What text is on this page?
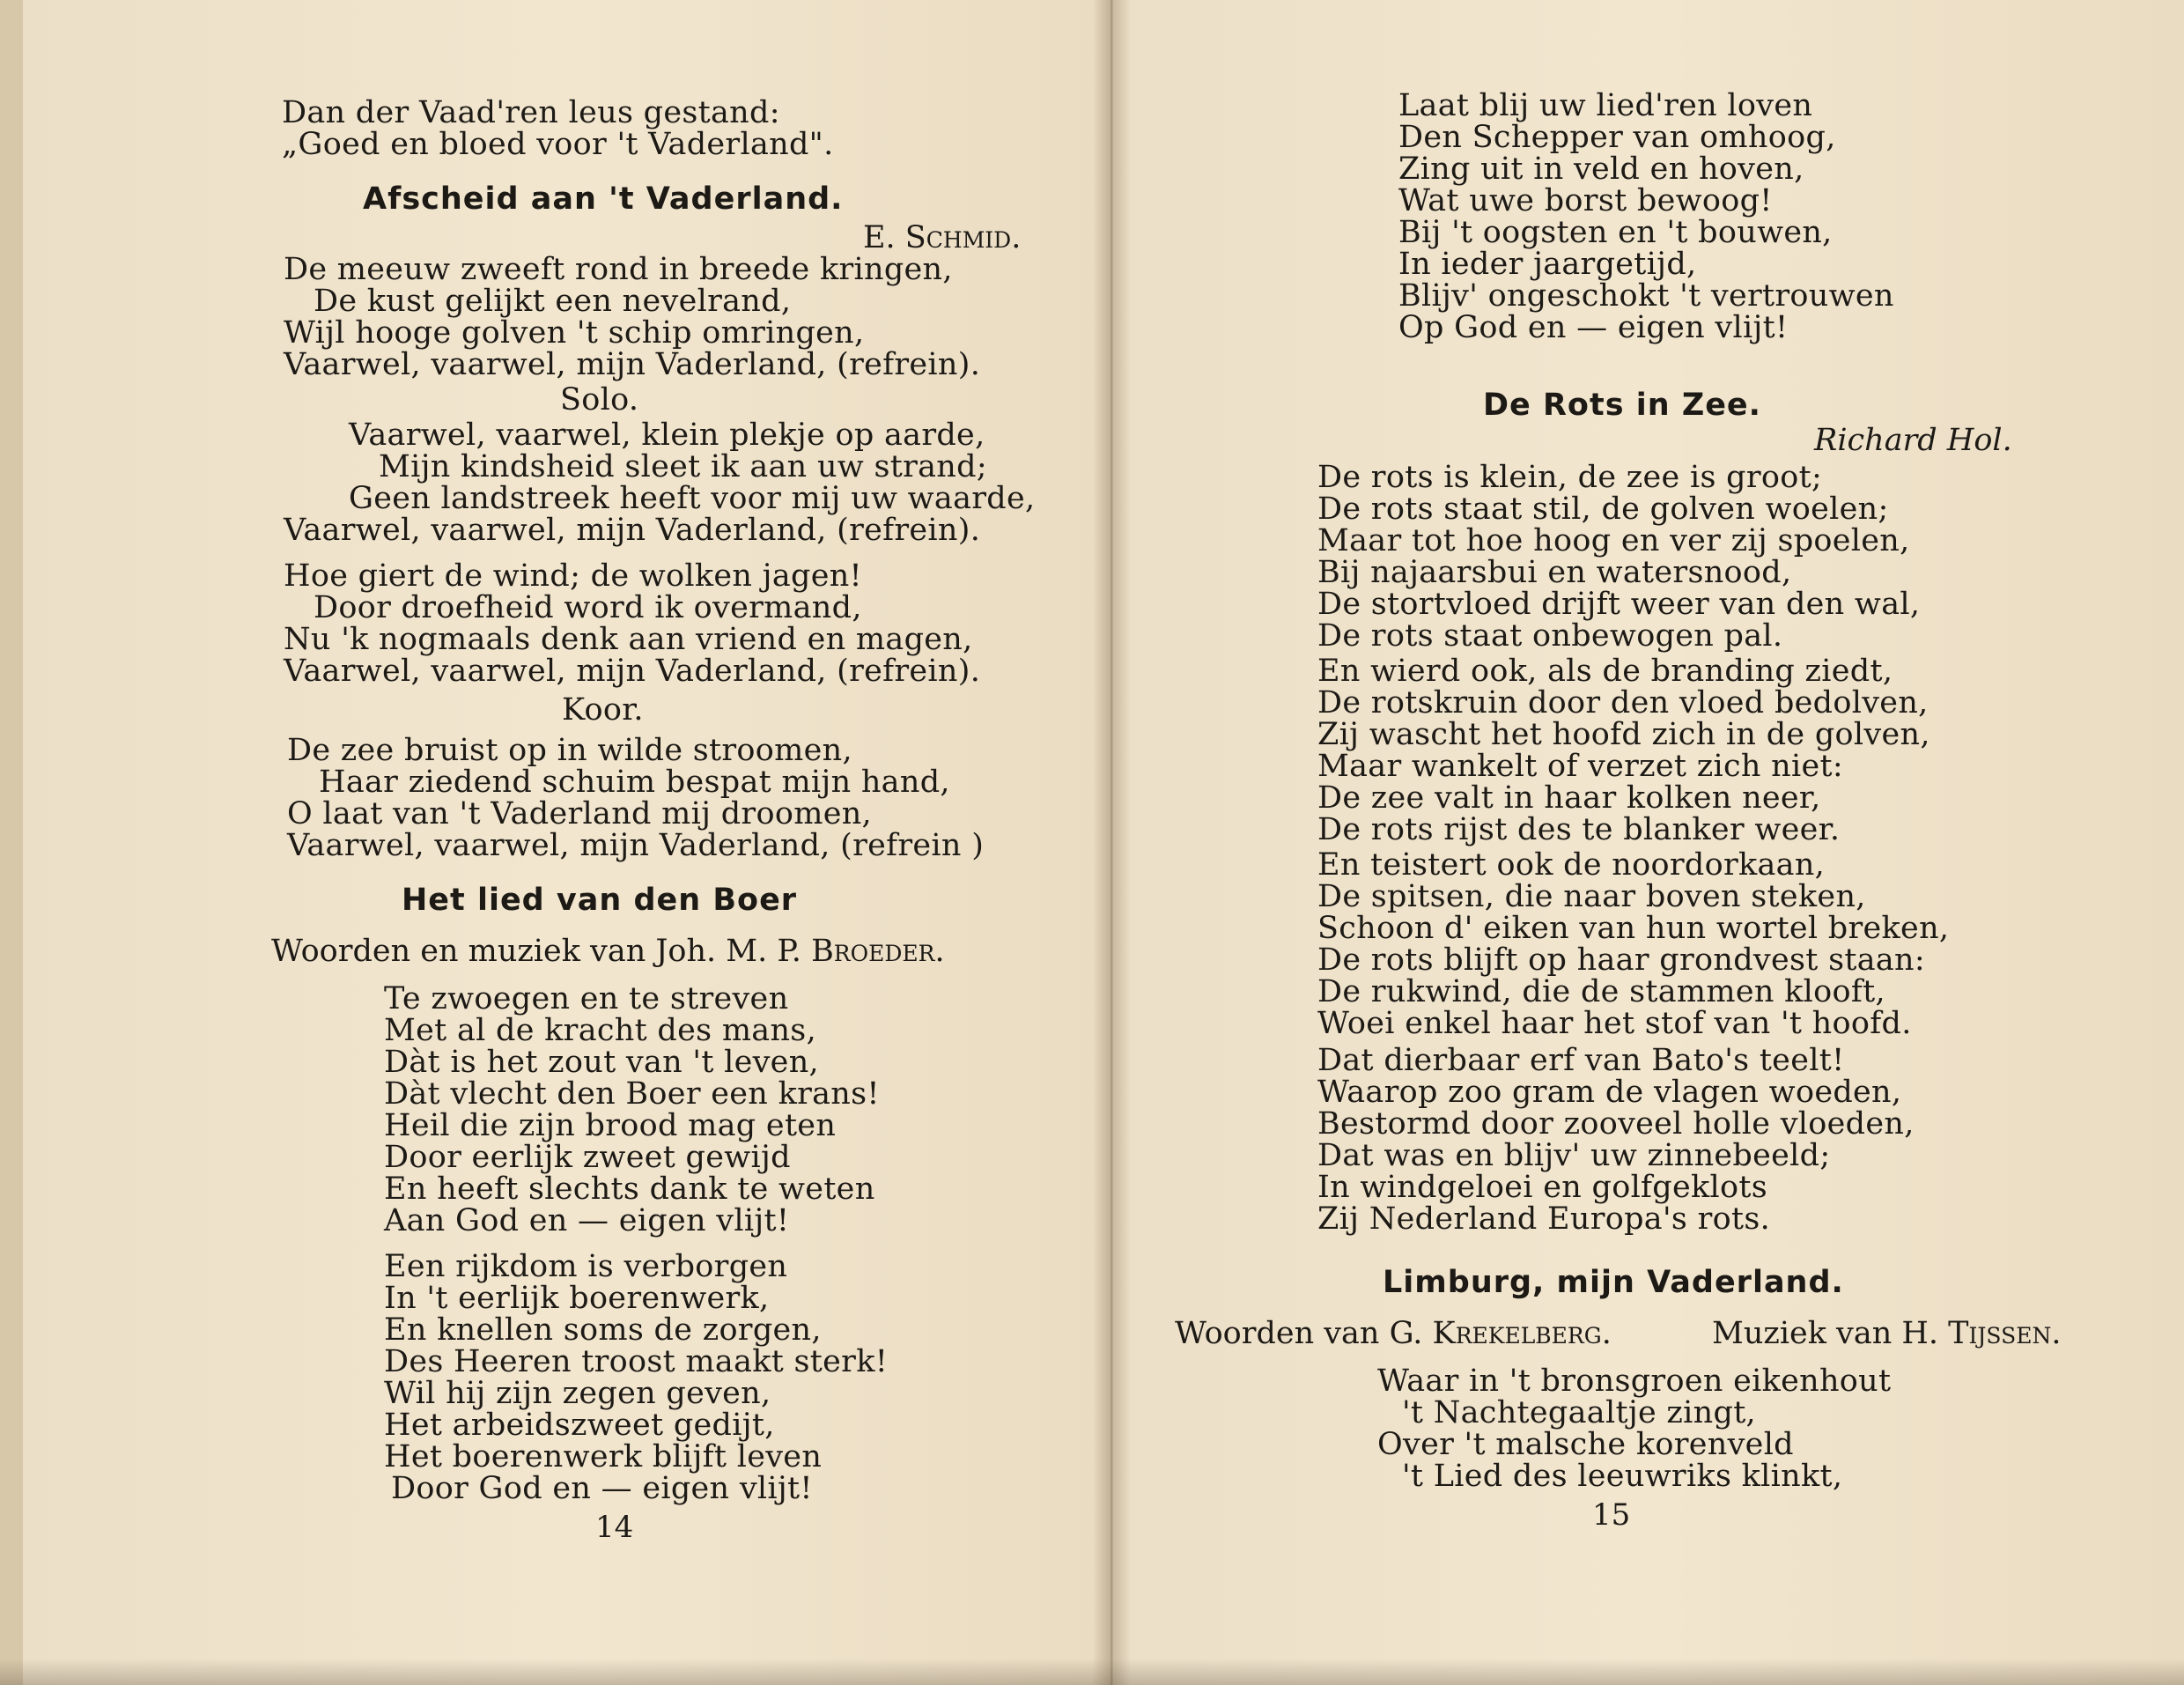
Dan der Vaad'ren leus gestand:
„Goed en bloed voor 't Vaderland".
Afscheid aan 't Vaderland.
E. Schmid.
De meeuw zweeft rond in breede kringen,
De kust gelijkt een nevelrand,
Wijl hooge golven 't schip omringen,
Vaarwel, vaarwel, mijn Vaderland, (refrein).
Solo.
Vaarwel, vaarwel, klein plekje op aarde,
Mijn kindsheid sleet ik aan uw strand;
Geen landstreek heeft voor mij uw waarde,
Vaarwel, vaarwel, mijn Vaderland, (refrein).
Hoe giert de wind; de wolken jagen!
Door droefheid word ik overmand,
Nu 'k nogmaals denk aan vriend en magen,
Vaarwel, vaarwel, mijn Vaderland, (refrein).
Koor.
De zee bruist op in wilde stroomen,
Haar ziedend schuim bespat mijn hand,
O laat van 't Vaderland mij droomen,
Vaarwel, vaarwel, mijn Vaderland, (refrein )
Het lied van den Boer
Woorden en muziek van Joh. M. P. Broeder.
Te zwoegen en te streven
Met al de kracht des mans,
Dàt is het zout van 't leven,
Dàt vlecht den Boer een krans!
Heil die zijn brood mag eten
Door eerlijk zweet gewijd
En heeft slechts dank te weten
Aan God en — eigen vlijt!
Een rijkdom is verborgen
In 't eerlijk boerenwerk,
En knellen soms de zorgen,
Des Heeren troost maakt sterk!
Wil hij zijn zegen geven,
Het arbeidszweet gedijt,
Het boerenwerk blijft leven
Door God en — eigen vlijt!
14
Laat blij uw lied'ren loven
Den Schepper van omhoog,
Zing uit in veld en hoven,
Wat uwe borst bewoog!
Bij 't oogsten en 't bouwen,
In ieder jaargetijd,
Blijv' ongeschokt 't vertrouwen
Op God en — eigen vlijt!
De Rots in Zee.
Richard Hol.
De rots is klein, de zee is groot;
De rots staat stil, de golven woelen;
Maar tot hoe hoog en ver zij spoelen,
Bij najaarsbui en watersnood,
De stortvloed drijft weer van den wal,
De rots staat onbewogen pal.
En wierd ook, als de branding ziedt,
De rotskruin door den vloed bedolven,
Zij wascht het hoofd zich in de golven,
Maar wankelt of verzet zich niet:
De zee valt in haar kolken neer,
De rots rijst des te blanker weer.
En teistert ook de noordorkaan,
De spitsen, die naar boven steken,
Schoon d' eiken van hun wortel breken,
De rots blijft op haar grondvest staan:
De rukwind, die de stammen klooft,
Woei enkel haar het stof van 't hoofd.
Dat dierbaar erf van Bato's teelt!
Waarop zoo gram de vlagen woeden,
Bestormd door zooveel holle vloeden,
Dat was en blijv' uw zinnebeeld;
In windgeloei en golfgeklots
Zij Nederland Europa's rots.
Limburg, mijn Vaderland.
Woorden van G. Krekelberg.	Muziek van H. Tijssen.
Waar in 't bronsgroen eikenhout
't Nachtegaaltje zingt,
Over 't malsche korenveld
't Lied des leeuwriks klinkt,
15
